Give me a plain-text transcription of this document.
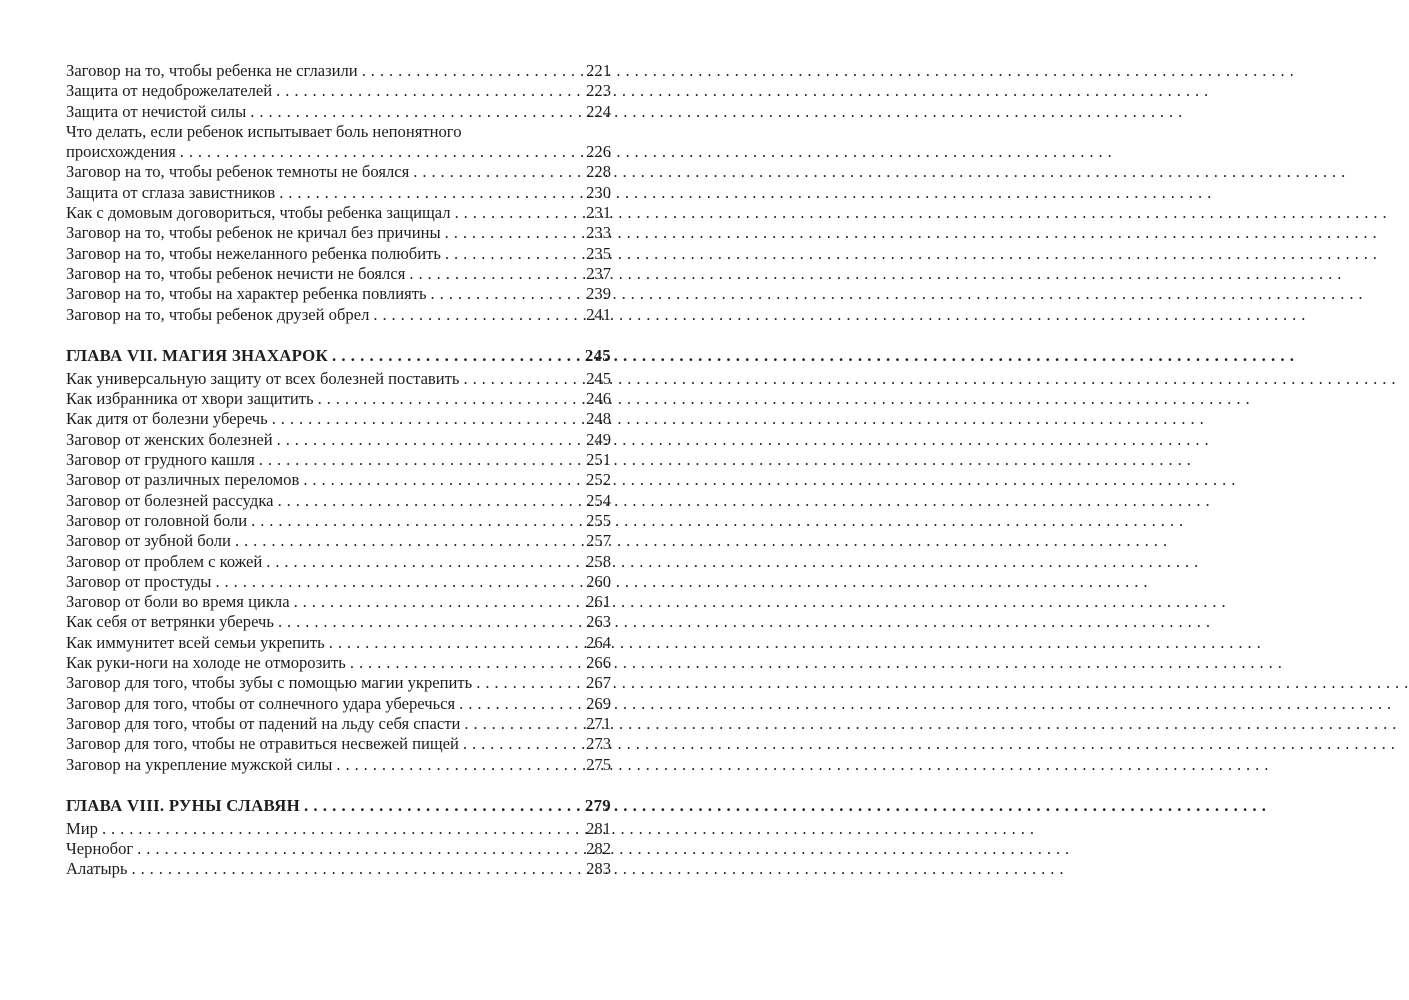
Заговор на то, чтобы ребенка не сглазили . . .	221
Защита от недоброжелателей . . .	223
Защита от нечистой силы . . .	224
Что делать, если ребенок испытывает боль непонятного
происхождения . . .	226
Заговор на то, чтобы ребенок темноты не боялся . . .	228
Защита от сглаза завистников . . .	230
Как с домовым договориться, чтобы ребенка защищал . . .	231
Заговор на то, чтобы ребенок не кричал без причины . . .	233
Заговор на то, чтобы нежеланного ребенка полюбить . . .	235
Заговор на то, чтобы ребенок нечисти не боялся . . .	237
Заговор на то, чтобы на характер ребенка повлиять . . .	239
Заговор на то, чтобы ребенок друзей обрел . . .	241
ГЛАВА VII. МАГИЯ ЗНАХАРОК . . .	245
Как универсальную защиту от всех болезней поставить . . .	245
Как избранника от хвори защитить . . .	246
Как дитя от болезни уберечь . . .	248
Заговор от женских болезней . . .	249
Заговор от грудного кашля . . .	251
Заговор от различных переломов . . .	252
Заговор от болезней рассудка . . .	254
Заговор от головной боли . . .	255
Заговор от зубной боли . . .	257
Заговор от проблем с кожей . . .	258
Заговор от простуды . . .	260
Заговор от боли во время цикла . . .	261
Как себя от ветрянки уберечь . . .	263
Как иммунитет всей семьи укрепить . . .	264
Как руки-ноги на холоде не отморозить . . .	266
Заговор для того, чтобы зубы с помощью магии укрепить . . .	267
Заговор для того, чтобы от солнечного удара уберечься . . .	269
Заговор для того, чтобы от падений на льду себя спасти . . .	271
Заговор для того, чтобы не отравиться несвежей пищей . . .	273
Заговор на укрепление мужской силы . . .	275
ГЛАВА VIII. РУНЫ СЛАВЯН . . .	279
Мир . . .	281
Чернобог . . .	282
Алатырь . . .	283
